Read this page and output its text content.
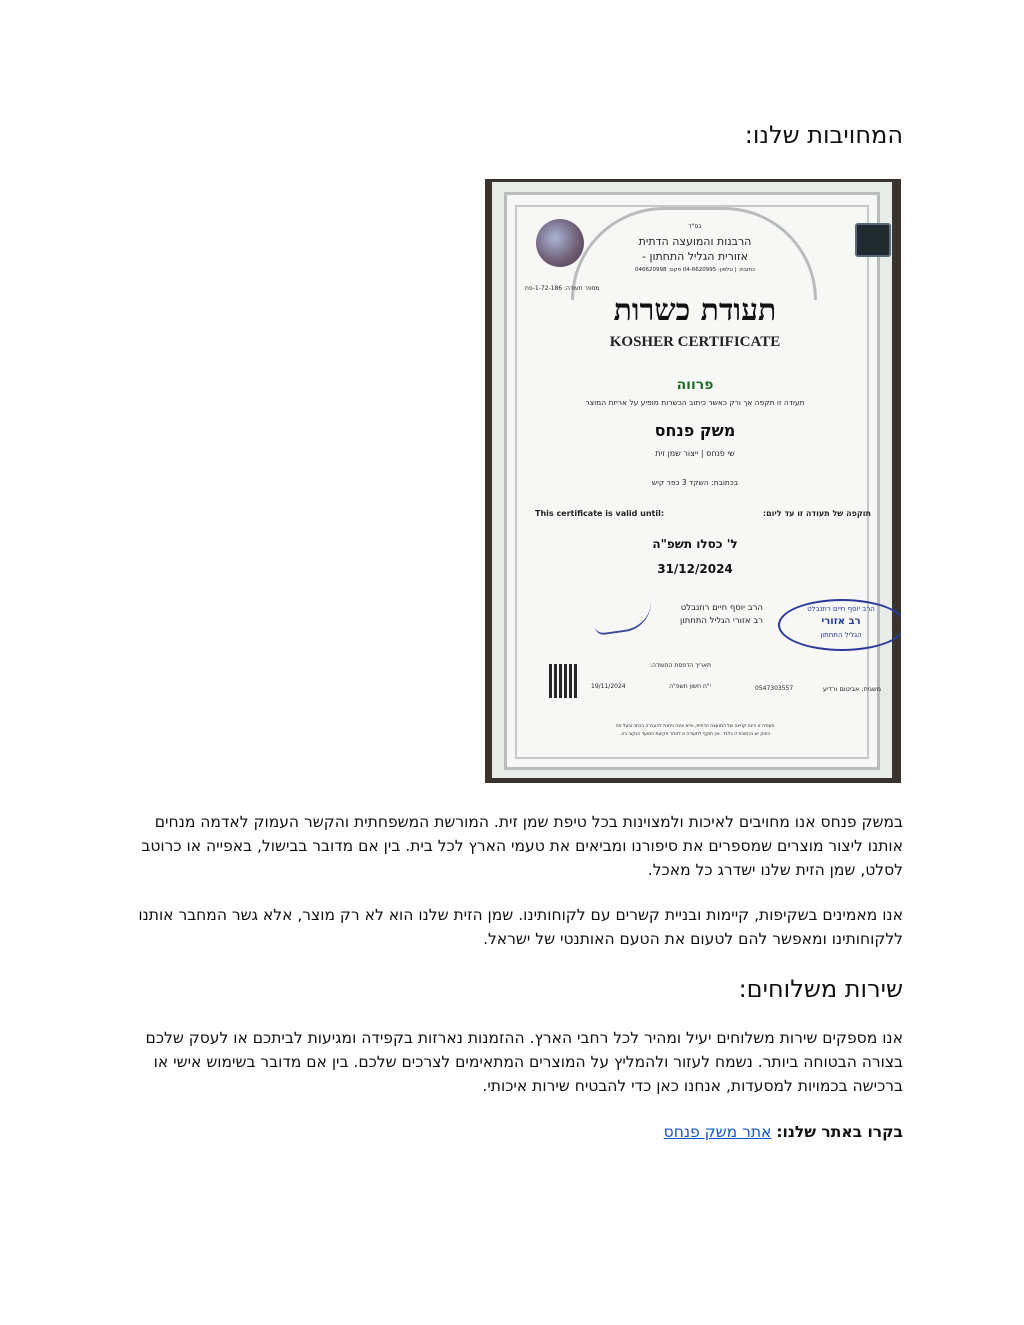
המחויבות שלנו:
בס"ד
הרבנות והמועצה הדתית
אזורית הגליל התחתון -
כתובת: | טלפון: 04-6620995 פקס: 046620998
מספר תעודה: 1-72-186-פח
תעודת כשרות
KOSHER CERTIFICATE
פרווה
תעודה זו תקפה אך ורק כאשר כיתוב הכשרות מופיע על אריזת המוצר
משק פנחס
שי פנחס | ייצור שמן זית
בכתובת: השקד 3 כפר קיש
תוקפה של תעודה זו עד ליום:
This certificate is valid until:
ל' כסלו תשפ"ה
31/12/2024
הרב יוסף חיים רוזנבלט
רב אזורי הגליל התחתון
הרב יוסף חיים רוזנבלט
רב אזורי
הגליל התחתון
תאריך הדפסת התעודה:
י"ח חשון תשפ"ה
19/11/2024	משגיח: אביטום ורדיע
0547303557
תעודה זו הינה קניינה של המועצה הדתית, והיא אינה ניתנת להעברה בכתב ובעל פה
כחוק יש בכתובת זו בלבד. אין תוקף לתעודה זו לאחר פקיעת המועד הנקוב בה.

במשק פנחס אנו מחויבים לאיכות ולמצוינות בכל טיפת שמן זית. המורשת המשפחתית והקשר העמוק לאדמה מנחים אותנו ליצור מוצרים שמספרים את סיפורנו ומביאים את טעמי הארץ לכל בית. בין אם מדובר בבישול, באפייה או כרוטב לסלט, שמן הזית שלנו ישדרג כל מאכל.

אנו מאמינים בשקיפות, קיימות ובניית קשרים עם לקוחותינו. שמן הזית שלנו הוא לא רק מוצר, אלא גשר המחבר אותנו ללקוחותינו ומאפשר להם לטעום את הטעם האותנטי של ישראל.

שירות משלוחים:

אנו מספקים שירות משלוחים יעיל ומהיר לכל רחבי הארץ. ההזמנות נארזות בקפידה ומגיעות לביתכם או לעסק שלכם בצורה הבטוחה ביותר. נשמח לעזור ולהמליץ על המוצרים המתאימים לצרכים שלכם. בין אם מדובר בשימוש אישי או ברכישה בכמויות למסעדות, אנחנו כאן כדי להבטיח שירות איכותי.

בקרו באתר שלנו: אתר משק פנחס
